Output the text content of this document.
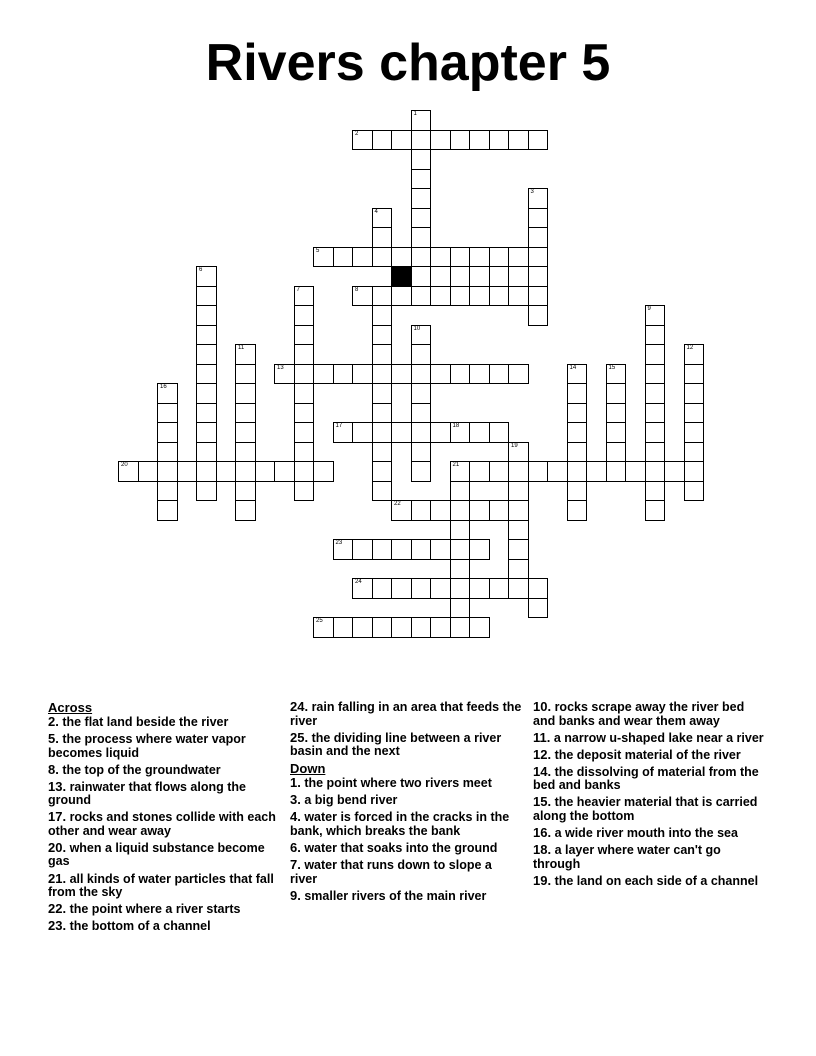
Rivers chapter 5
1
2
3
4
5
6
7	8
9
10
11	12
13	14	15
16
17	18
19
20	21
22
23
24
25
Across
2. the flat land beside the river
5. the process where water vapor becomes liquid
8. the top of the groundwater
13. rainwater that flows along the ground
17. rocks and stones collide with each other and wear away
20. when a liquid substance become gas
21. all kinds of water particles that fall from the sky
22. the point where a river starts
23. the bottom of a channel
24. rain falling in an area that feeds the river
25. the dividing line between a river basin and the next
Down
1. the point where two rivers meet
3. a big bend river
4. water is forced in the cracks in the bank, which breaks the bank
6. water that soaks into the ground
7. water that runs down to slope a river
9. smaller rivers of the main river
10. rocks scrape away the river bed and banks and wear them away
11. a narrow u-shaped lake near a river
12. the deposit material of the river
14. the dissolving of material from the bed and banks
15. the heavier material that is carried along the bottom
16. a wide river mouth into the sea
18. a layer where water can't go through
19. the land on each side of a channel
